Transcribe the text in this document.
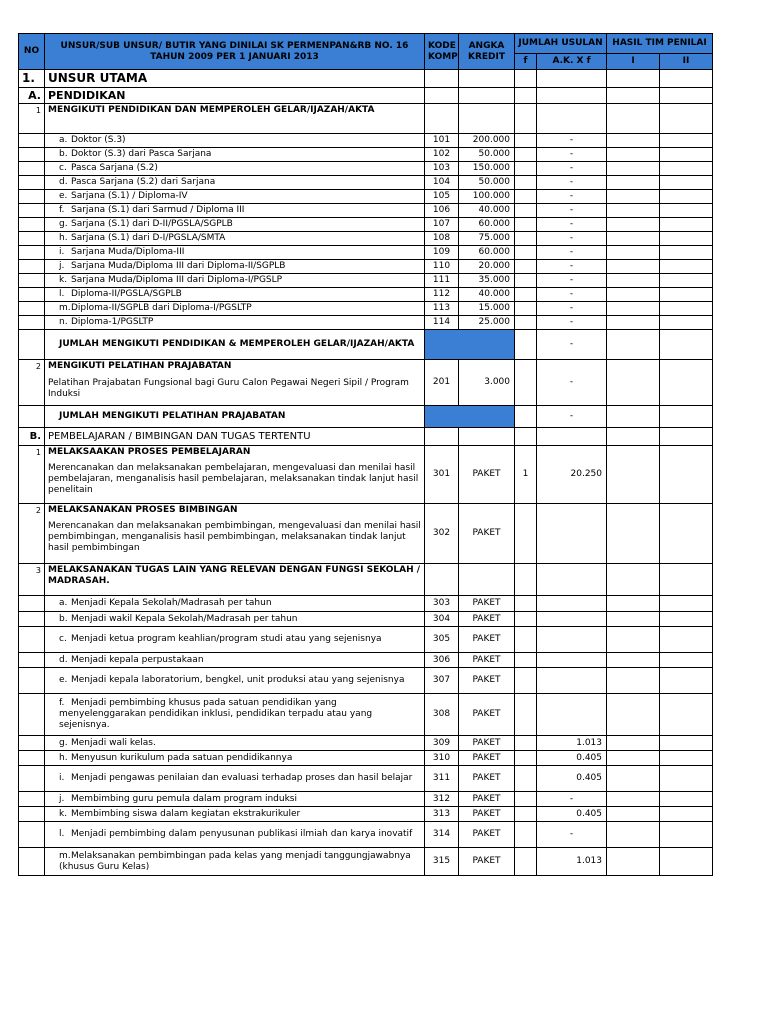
NO	UNSUR/SUB UNSUR/ BUTIR YANG DINILAI SK PERMENPAN&RB NO. 16 TAHUN 2009 PER 1 JANUARI 2013	KODE KOMP	ANGKA KREDIT	JUMLAH USULAN		HASIL TIM PENILAI	
				f	A.K. X f	I	II
1.	UNSUR UTAMA						
A.	PENDIDIKAN						
1	MENGIKUTI PENDIDIKAN DAN MEMPEROLEH GELAR/IJAZAH/AKTA						
	a. Doktor (S.3)	101	200.000		-		
	b. Doktor (S.3) dari Pasca Sarjana	102	50.000		-		
	c. Pasca Sarjana (S.2)	103	150.000		-		
	d. Pasca Sarjana (S.2) dari Sarjana	104	50.000		-		
	e. Sarjana (S.1) / Diploma-IV	105	100.000		-		
	f. Sarjana (S.1) dari Sarmud / Diploma III	106	40.000		-		
	g. Sarjana (S.1) dari D-II/PGSLA/SGPLB	107	60.000		-		
	h. Sarjana (S.1) dari D-I/PGSLA/SMTA	108	75.000		-		
	i. Sarjana Muda/Diploma-III	109	60.000		-		
	j. Sarjana Muda/Diploma III dari Diploma-II/SGPLB	110	20.000		-		
	k. Sarjana Muda/Diploma III dari Diploma-I/PGSLP	111	35.000		-		
	l. Diploma-II/PGSLA/SGPLB	112	40.000		-		
	m.Diploma-II/SGPLB dari Diploma-I/PGSLTP	113	15.000		-		
	n. Diploma-1/PGSLTP	114	25.000		-		
	JUMLAH MENGIKUTI PENDIDIKAN & MEMPEROLEH GELAR/IJAZAH/AKTA				-		
2	MENGIKUTI PELATIHAN PRAJABATAN
Pelatihan Prajabatan Fungsional bagi Guru Calon Pegawai Negeri Sipil / Program Induksi	201	3.000		-		
	JUMLAH MENGIKUTI PELATIHAN PRAJABATAN				-		
B.	PEMBELAJARAN / BIMBINGAN DAN TUGAS TERTENTU						
1	MELAKSAAKAN PROSES PEMBELAJARAN
Merencanakan dan melaksanakan pembelajaran, mengevaluasi dan menilai hasil pembelajaran, menganalisis hasil pembelajaran, melaksanakan tindak lanjut hasil penelitain	301	PAKET	1	20.250		
2	MELAKSANAKAN PROSES BIMBINGAN
Merencanakan dan melaksanakan pembimbingan, mengevaluasi dan menilai hasil pembimbingan, menganalisis hasil pembimbingan, melaksanakan tindak lanjut hasil pembimbingan	302	PAKET				
3	MELAKSANAKAN TUGAS LAIN YANG RELEVAN DENGAN FUNGSI SEKOLAH / MADRASAH.						
	a. Menjadi Kepala Sekolah/Madrasah per tahun	303	PAKET				
	b. Menjadi wakil Kepala Sekolah/Madrasah per tahun	304	PAKET				
	c. Menjadi ketua program keahlian/program studi atau yang sejenisnya	305	PAKET				
	d. Menjadi kepala perpustakaan	306	PAKET				
	e. Menjadi kepala laboratorium, bengkel, unit produksi atau yang sejenisnya	307	PAKET				
	f. Menjadi pembimbing khusus pada satuan pendidikan yang menyelenggarakan pendidikan inklusi, pendidikan terpadu atau yang sejenisnya.	308	PAKET				
	g. Menjadi wali kelas.	309	PAKET		1.013		
	h. Menyusun kurikulum pada satuan pendidikannya	310	PAKET		0.405		
	i. Menjadi pengawas penilaian dan evaluasi terhadap proses dan hasil belajar	311	PAKET		0.405		
	j. Membimbing guru pemula dalam program induksi	312	PAKET		-		
	k. Membimbing siswa dalam kegiatan ekstrakurikuler	313	PAKET		0.405		
	l. Menjadi pembimbing dalam penyusunan publikasi ilmiah dan karya inovatif	314	PAKET		-		
	m.Melaksanakan pembimbingan pada kelas yang menjadi tanggungjawabnya (khusus Guru Kelas)	315	PAKET		1.013		
